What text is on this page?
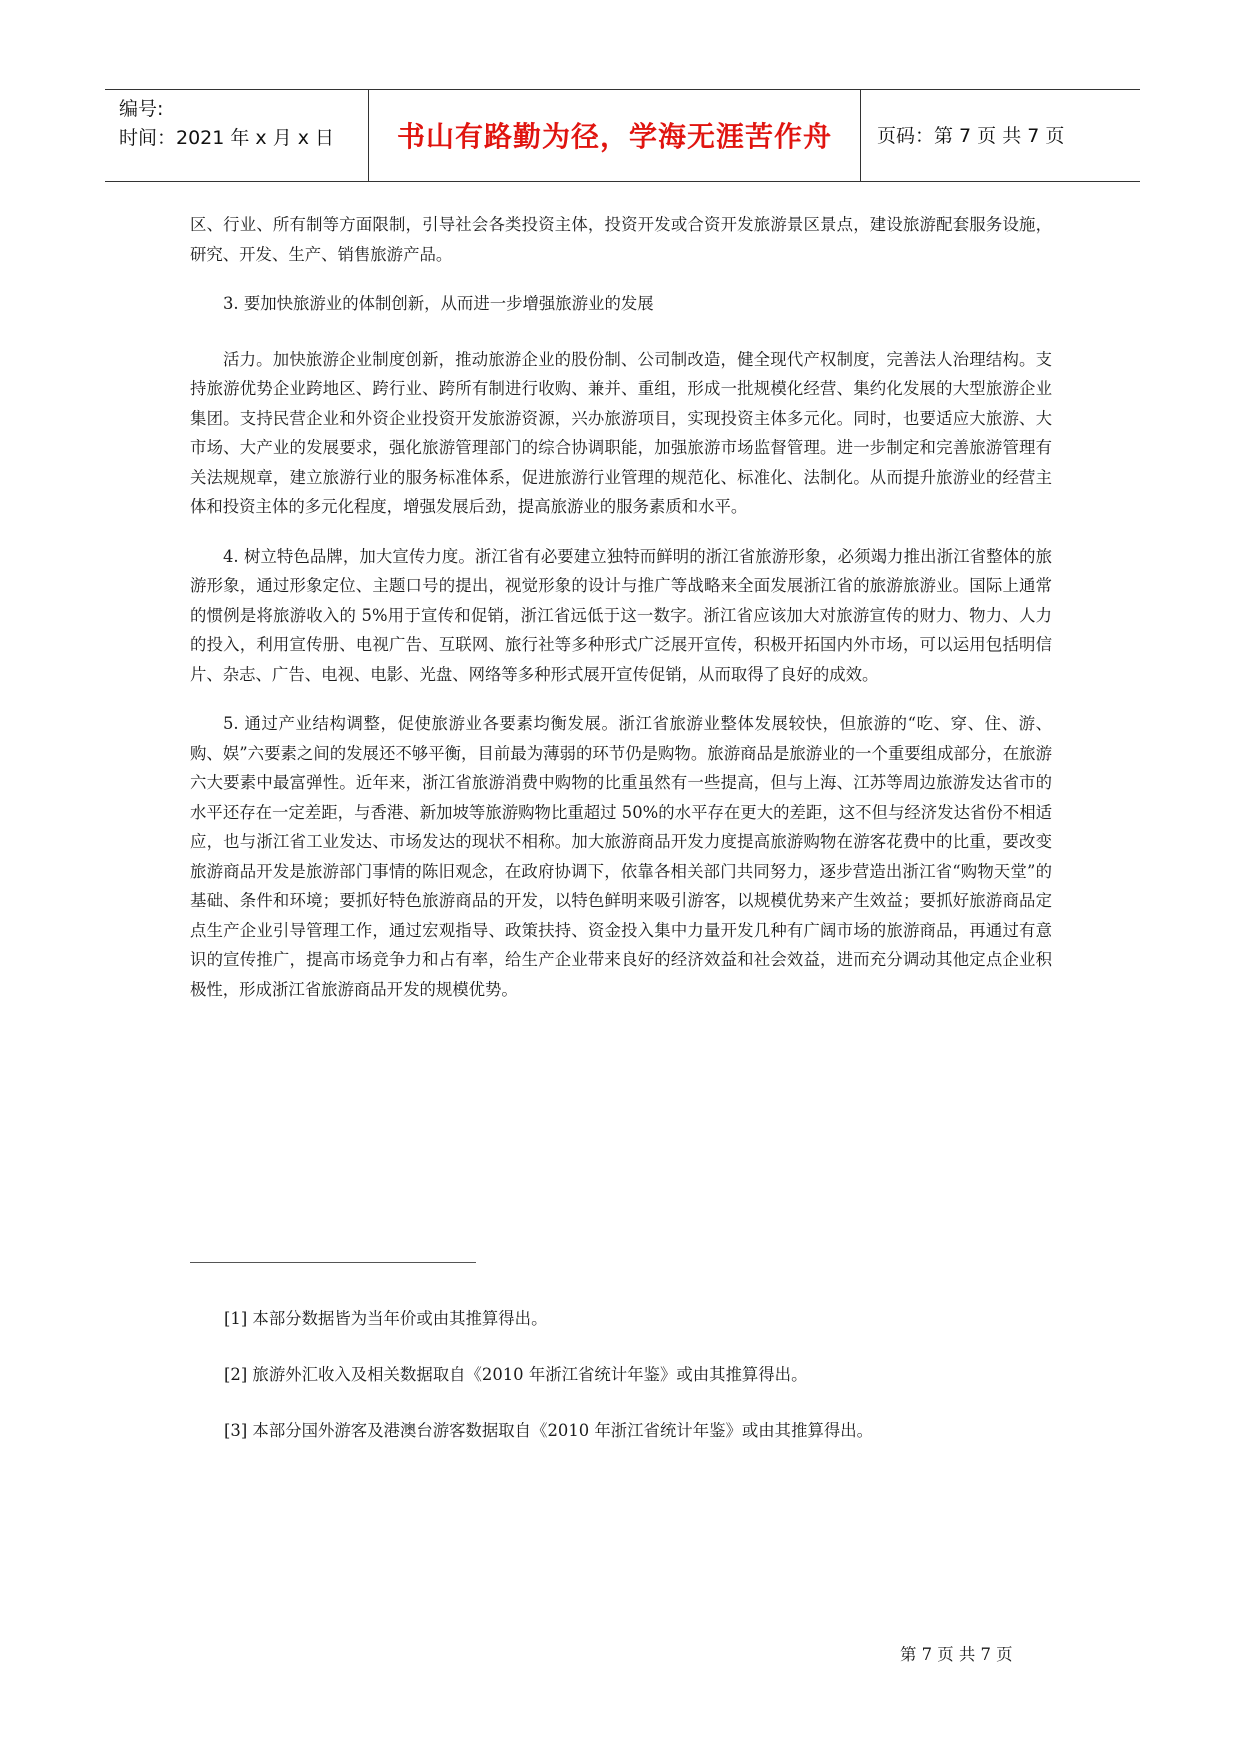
编号:
时间：2021 年 x 月 x 日	书山有路勤为径，学海无涯苦作舟	页码：第 7 页 共 7 页

区、行业、所有制等方面限制，引导社会各类投资主体，投资开发或合资开发旅游景区景点，建设旅游配套服务设施，研究、开发、生产、销售旅游产品。

3. 要加快旅游业的体制创新，从而进一步增强旅游业的发展

活力。加快旅游企业制度创新，推动旅游企业的股份制、公司制改造，健全现代产权制度，完善法人治理结构。支持旅游优势企业跨地区、跨行业、跨所有制进行收购、兼并、重组，形成一批规模化经营、集约化发展的大型旅游企业集团。支持民营企业和外资企业投资开发旅游资源，兴办旅游项目，实现投资主体多元化。同时，也要适应大旅游、大市场、大产业的发展要求，强化旅游管理部门的综合协调职能，加强旅游市场监督管理。进一步制定和完善旅游管理有关法规规章，建立旅游行业的服务标准体系，促进旅游行业管理的规范化、标准化、法制化。从而提升旅游业的经营主体和投资主体的多元化程度，增强发展后劲，提高旅游业的服务素质和水平。

4. 树立特色品牌，加大宣传力度。浙江省有必要建立独特而鲜明的浙江省旅游形象，必须竭力推出浙江省整体的旅游形象，通过形象定位、主题口号的提出，视觉形象的设计与推广等战略来全面发展浙江省的旅游旅游业。国际上通常的惯例是将旅游收入的 5%用于宣传和促销，浙江省远低于这一数字。浙江省应该加大对旅游宣传的财力、物力、人力的投入，利用宣传册、电视广告、互联网、旅行社等多种形式广泛展开宣传，积极开拓国内外市场，可以运用包括明信片、杂志、广告、电视、电影、光盘、网络等多种形式展开宣传促销，从而取得了良好的成效。

5. 通过产业结构调整，促使旅游业各要素均衡发展。浙江省旅游业整体发展较快，但旅游的“吃、穿、住、游、购、娱”六要素之间的发展还不够平衡，目前最为薄弱的环节仍是购物。旅游商品是旅游业的一个重要组成部分，在旅游六大要素中最富弹性。近年来，浙江省旅游消费中购物的比重虽然有一些提高，但与上海、江苏等周边旅游发达省市的水平还存在一定差距，与香港、新加坡等旅游购物比重超过 50%的水平存在更大的差距，这不但与经济发达省份不相适应，也与浙江省工业发达、市场发达的现状不相称。加大旅游商品开发力度提高旅游购物在游客花费中的比重，要改变旅游商品开发是旅游部门事情的陈旧观念，在政府协调下，依靠各相关部门共同努力，逐步营造出浙江省“购物天堂”的基础、条件和环境；要抓好特色旅游商品的开发，以特色鲜明来吸引游客，以规模优势来产生效益；要抓好旅游商品定点生产企业引导管理工作，通过宏观指导、政策扶持、资金投入集中力量开发几种有广阔市场的旅游商品，再通过有意识的宣传推广，提高市场竞争力和占有率，给生产企业带来良好的经济效益和社会效益，进而充分调动其他定点企业积极性，形成浙江省旅游商品开发的规模优势。

[1] 本部分数据皆为当年价或由其推算得出。
[2] 旅游外汇收入及相关数据取自《2010 年浙江省统计年鉴》或由其推算得出。
[3] 本部分国外游客及港澳台游客数据取自《2010 年浙江省统计年鉴》或由其推算得出。
第 7 页 共 7 页
